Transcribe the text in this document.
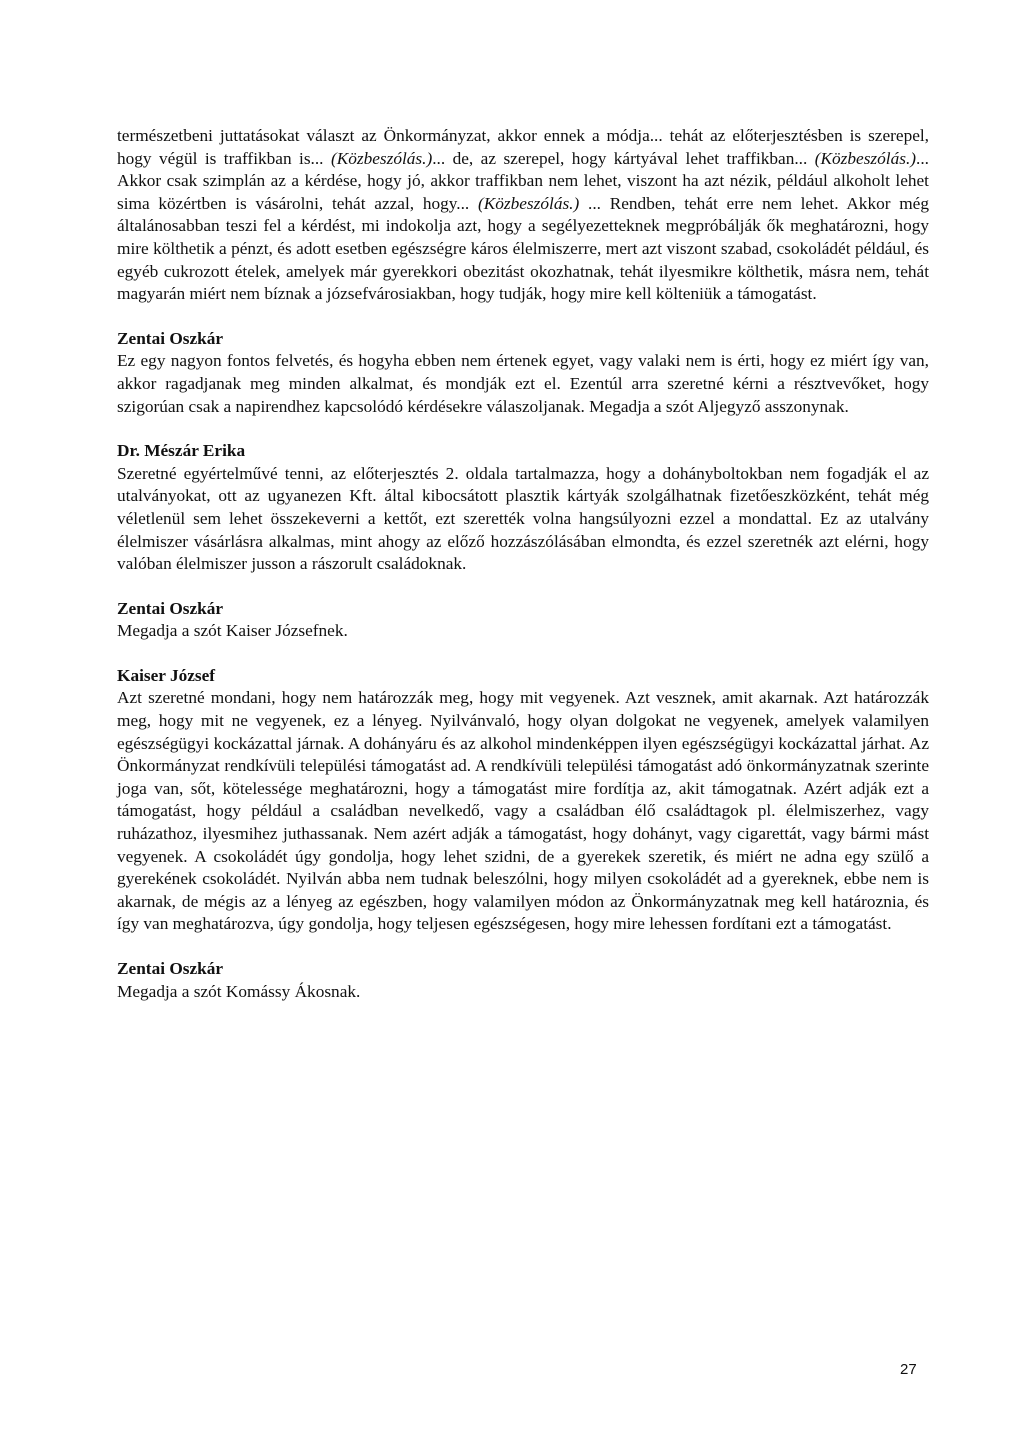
természetbeni juttatásokat választ az Önkormányzat, akkor ennek a módja... tehát az előterjesztésben is szerepel, hogy végül is traffikban is... (Közbeszólás.)... de, az szerepel, hogy kártyával lehet traffikban... (Közbeszólás.)... Akkor csak szimplán az a kérdése, hogy jó, akkor traffikban nem lehet, viszont ha azt nézik, például alkoholt lehet sima közértben is vásárolni, tehát azzal, hogy... (Közbeszólás.) ... Rendben, tehát erre nem lehet. Akkor még általánosabban teszi fel a kérdést, mi indokolja azt, hogy a segélyezetteknek megpróbálják ők meghatározni, hogy mire költhetik a pénzt, és adott esetben egészségre káros élelmiszerre, mert azt viszont szabad, csokoládét például, és egyéb cukrozott ételek, amelyek már gyerekkori obezitást okozhatnak, tehát ilyesmikre költhetik, másra nem, tehát magyarán miért nem bíznak a józsefvárosiakban, hogy tudják, hogy mire kell költeniük a támogatást.

Zentai Oszkár

Ez egy nagyon fontos felvetés, és hogyha ebben nem értenek egyet, vagy valaki nem is érti, hogy ez miért így van, akkor ragadjanak meg minden alkalmat, és mondják ezt el. Ezentúl arra szeretné kérni a résztvevőket, hogy szigorúan csak a napirendhez kapcsolódó kérdésekre válaszoljanak. Megadja a szót Aljegyző asszonynak.

Dr. Mészár Erika

Szeretné egyértelművé tenni, az előterjesztés 2. oldala tartalmazza, hogy a dohányboltokban nem fogadják el az utalványokat, ott az ugyanezen Kft. által kibocsátott plasztik kártyák szolgálhatnak fizetőeszközként, tehát még véletlenül sem lehet összekeverni a kettőt, ezt szerették volna hangsúlyozni ezzel a mondattal. Ez az utalvány élelmiszer vásárlásra alkalmas, mint ahogy az előző hozzászólásában elmondta, és ezzel szeretnék azt elérni, hogy valóban élelmiszer jusson a rászorult családoknak.

Zentai Oszkár

Megadja a szót Kaiser Józsefnek.

Kaiser József

Azt szeretné mondani, hogy nem határozzák meg, hogy mit vegyenek. Azt vesznek, amit akarnak. Azt határozzák meg, hogy mit ne vegyenek, ez a lényeg. Nyilvánvaló, hogy olyan dolgokat ne vegyenek, amelyek valamilyen egészségügyi kockázattal járnak. A dohányáru és az alkohol mindenképpen ilyen egészségügyi kockázattal járhat. Az Önkormányzat rendkívüli települési támogatást ad. A rendkívüli települési támogatást adó önkormányzatnak szerinte joga van, sőt, kötelessége meghatározni, hogy a támogatást mire fordítja az, akit támogatnak. Azért adják ezt a támogatást, hogy például a családban nevelkedő, vagy a családban élő családtagok pl. élelmiszerhez, vagy ruházathoz, ilyesmihez juthassanak. Nem azért adják a támogatást, hogy dohányt, vagy cigarettát, vagy bármi mást vegyenek. A csokoládét úgy gondolja, hogy lehet szidni, de a gyerekek szeretik, és miért ne adna egy szülő a gyerekének csokoládét. Nyilván abba nem tudnak beleszólni, hogy milyen csokoládét ad a gyereknek, ebbe nem is akarnak, de mégis az a lényeg az egészben, hogy valamilyen módon az Önkormányzatnak meg kell határoznia, és így van meghatározva, úgy gondolja, hogy teljesen egészségesen, hogy mire lehessen fordítani ezt a támogatást.

Zentai Oszkár

Megadja a szót Komássy Ákosnak.

27
